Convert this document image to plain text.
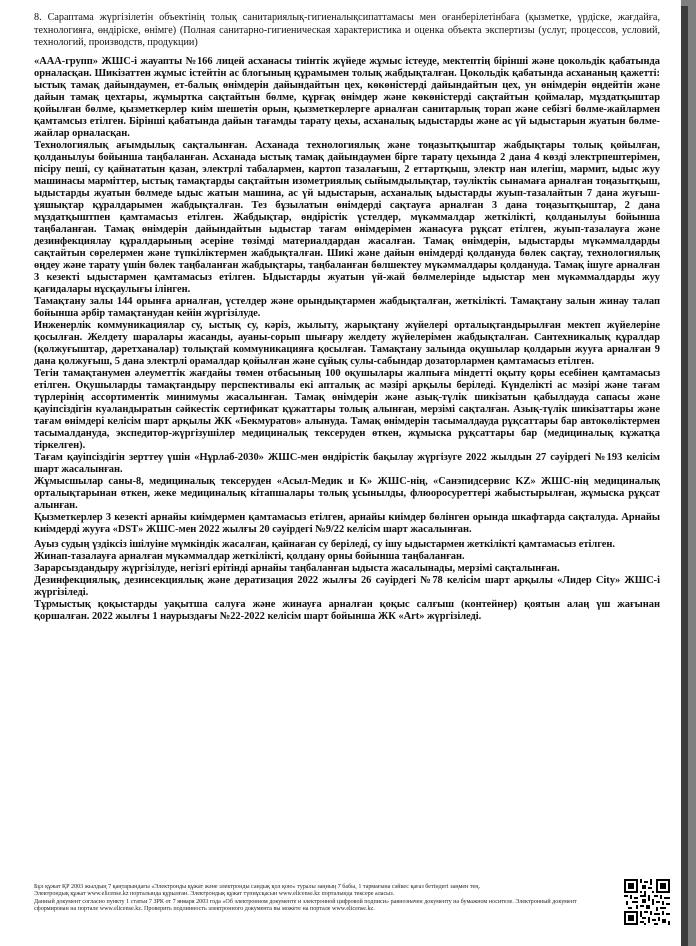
8. Сараптама жүргізілетін объектінің толық санитариялық-гигиеналықсипаттамасы мен оғанберілетінбаға (қызметке, үрдіске, жағдайға, технологияға, өндіріске, өнімге) (Полная санитарно-гигиеническая характеристика и оценка объекта экспертизы (услуг, процессов, условий, технологий, производств, продукции)

«ААА-групп» ЖШС-і жауапты №166 лицей асханасы тиінтік жүйеде жұмыс істеуде, мектептің бірінші және цокольдік қабатында орналасқан. Шикізаттен жұмыс істейтін ас блогының құрамымен толық жабдықталған. Цокольдік қабатында асхананың қажетті: ыстық тамақ дайындаумен, ет-балық өнімдерін дайындайтын цех, көкөністерді дайындайтын цех, ун өнімдерін өңдейтін және дайын тамақ цехтары, жұмыртка сақтайтын бөлме, құрғақ өнімдер және көкөністерді сақтайтын қоймалар, мұздатқыштар қойылған бөлме, қызметкерлер киім шешетін орын, қызметкерлерге арналған санитарлық торап және себізгі бөлме-жайлармен қамтамсыз етілген. Бірінші қабатында дайын тағамды тарату цехы, асханалық ыдыстарды және ас үй ыдыстарын жуатын бөлме-жайлар орналасқан.

Технологиялық ағымдылық сақталынған. Асханада технологиялық және тоңазытқыштар жабдықтары толық қойылған, қолданылуы бойынша таңбаланған. Асханада ыстық тамақ дайындаумен бірге тарату цехында 2 дана 4 көзді электрпештерімен, пісіру пеші, су қайнататын қазан, электрлі табалармен, картоп тазалағыш, 2 еттартқыш, электр нан илегіш, мармит, ыдыс жуу машинасы марміттер, ыстық тамақтарды сақтайтын изометриялық сыйымдылықтар, тәуліктік сынамаға арналған тоңазытқыш, ыдыстарды жуатын бөлмеде ыдыс жатын машина, ас үй ыдыстарын, асханалық ыдыстарды жуып-тазалайтын 7 дана жуғыш-ұяшықтар құралдарымен жабдықталған. Тез бұзылатын өнімдерді сақтауға арналған 3 дана тоңазытқыштар, 2 дана мұздатқыштпен қамтамасыз етілген. Жабдықтар, өндірістік үстелдер, мүкәммалдар жеткілікті, қолданылуы бойынша таңбаланған. Тамақ өнімдерін дайындайтын ыдыстар тағам өнімдерімен жанасуға рұқсат етілген, жуып-тазалауға және дезинфекциялау құралдарының әсеріне төзімді материалдардан жасалған. Тамақ өнімдерін, ыдыстарды мүкәммалдарды сақтайтын сөрелермен және түпкіліктермен жабдықталған. Шикі және дайын өнімдерді қолдануда бөлек сақтау, технологиялық өңдеу және тарату үшін бөлек таңбаланған жабдықтары, таңбаланған бөлшектеу мүкәммалдары қолдануда. Тамақ ішуге арналған 3 кезекті ыдыстармен қамтамасыз етілген. Ыдыстарды жуатын үй-жай бөлмелерінде ыдыстар мен мүкәммалдарды жуу қағидалары нұсқаулығы ілінген.

Тамақтану залы 144 орынға арналған, үстелдер және орындықтармен жабдықталған, жеткілікті. Тамақтану залын жинау талап бойынша әрбір тамақтанудан кейін жүргізілуде.

Инженерлік коммуникациялар су, ыстық су, кәріз, жылыту, жарықтану жүйелері орталықтандырылған мектеп жүйелеріне қосылған. Желдету шаралары жасанды, ауаны-сорып шығару желдету жүйелерімен жабдықталған. Сантехникалық құралдар (қолжуғыштар, дәретханалар) толықтай коммуникацияға қосылған. Тамақтану залында оқушылар қолдарын жууға арналған 9 дана қолжуғыш, 5 дана электрлі орамалдар қойылған және сұйық сулы-сабындар дозаторлармен қамтамасыз етілген.

Тегін тамақтанумен әлеуметтік жағдайы төмен отбасының 100 оқушылары жалпыға міндетті оқыту қоры есебінен қамтамасыз етілген. Оқушыларды тамақтандыру перспективалы екі апталық ас мәзірі арқылы беріледі. Күнделікті ас мәзірі және тағам түрлерінің ассортиментік минимумы жасалынған. Тамақ өнімдерін және азық-түлік шикізатын қабылдауда сапасы және қауіпсіздігін куәландыратын сәйкестік сертификат құжаттары толық алынған, мерзімі сақталған. Азық-түлік шикізаттары және тағам өнімдері келісім шарт арқылы ЖК «Бекмуратов» алынуда. Тамақ өнімдерін тасымалдауда рұқсаттары бар автокөліктермен тасымалдануда, экспедитор-жүргізушілер медициналық тексеруден өткен, жұмыска рұқсаттары бар (медициналық кұжатқа тіркелген).

Тағам қауіпсіздігін зерттеу үшін «Нұрлаб-2030» ЖШС-мен өндірістік бақылау жүргізуге 2022 жылдын 27 сәуірдегі №193 келісім шарт жасалынған.

Жұмысшылар саны-8, медициналық тексеруден «Асыл-Медик и К» ЖШС-нің, «Санэпидсервис KZ» ЖШС-нің медициналық орталықтарынан өткен, жеке медициналық кітапшалары толық ұсынылды, флюоросуреттері жабыстырылған, жұмыска рұқсат алынған.

Қызметкерлер 3 кезекті арнайы киімдермен қамтамасыз етілген, арнайы киімдер бөлінген орында шкафтарда сақталуда. Арнайы киімдерді жууға «DST» ЖШС-мен 2022 жылғы 20 сәуірдегі №9/22 келісім шарт жасалынған.

Ауыз судың үздіксіз ішілуіне мүмкіндік жасалған, қайнаған су беріледі, су ішу ыдыстармен жеткілікті қамтамасыз етілген.

Жинап-тазалауға арналған мүкәммалдар жеткілікті, қолдану орны бойынша таңбаланған.

Зарарсыздандыру жүргізілуде, негізгі ерітінді арнайы таңбаланған ыдыста жасалынады, мерзімі сақталынған.

Дезинфекциялық, дезинсекциялық және дератизация 2022 жылғы 26 сәуірдегі №78 келісім шарт арқылы «Лидер City» ЖШС-і жүргізіледі.

Тұрмыстық қоқыстарды уақытша салуға және жинауға арналған қоқыс салғыш (контейнер) қоятын алаң үш жағынан қоршалған. 2022 жылғы 1 наурыздағы №22-2022 келісім шарт бойынша ЖК «Art» жүргізіледі.

Бұл құжат ҚР 2003 жылдың 7 қаңтарындағы «Электронды құжат және электронды сандық қол қою» туралы заңның 7 бабы, 1 тармағына сәйкес қағаз бетіндегі заңмен тең.

Электрондық құжат www.elicense.kz порталында құрылған. Электрондық құжат түпнұсқасын www.elicense.kz порталында тексере аласыз.

Данный документ согласно пункту 1 статьи 7 ЗРК от 7 января 2003 года «Об электронном документе и электронной цифровой подписи» равнозначен документу на бумажном носителе. Электронный документ сформирован на портале www.elicense.kz. Проверить подлинность электронного документа вы можете на портале www.elicense.kz.
